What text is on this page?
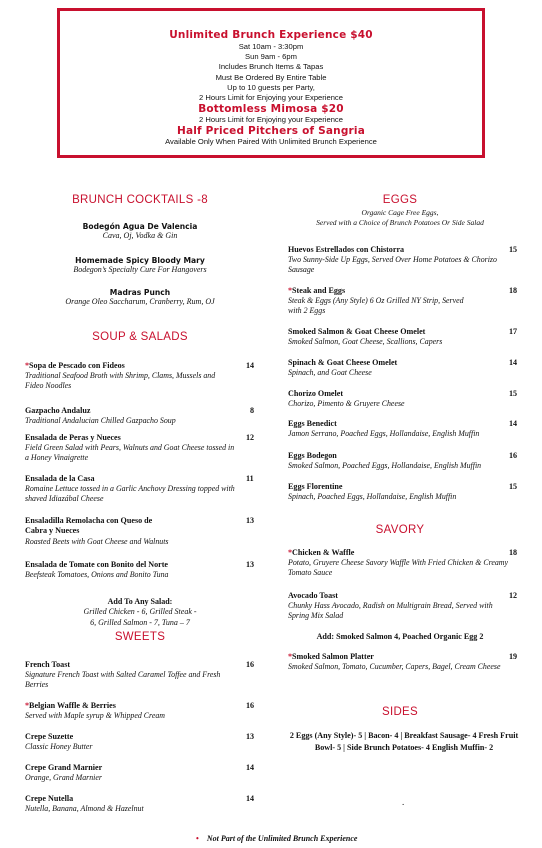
Unlimited Brunch Experience $40
Sat 10am - 3:30pm
Sun 9am - 6pm
Includes Brunch Items & Tapas
Must Be Ordered By Entire Table
Up to 10 guests per Party,
2 Hours Limit for Enjoying your Experience
Bottomless Mimosa $20
2 Hours Limit for Enjoying your Experience
Half Priced Pitchers of Sangria
Available Only When Paired With Unlimited Brunch Experience
BRUNCH COCKTAILS -8
Bodegón Agua De Valencia
Cava, Oj, Vodka & Gin
Homemade Spicy Bloody Mary
Bodegon’s Specialty Cure For Hangovers
Madras Punch
Orange Oleo Saccharum, Cranberry, Rum, OJ
SOUP & SALADS
*Sopa de Pescado con Fideos
Traditional Seafood Broth with Shrimp, Clams, Mussels and Fideo Noodles
14
Gazpacho Andaluz
Traditional Andalucian Chilled Gazpacho Soup
8
Ensalada de Peras y Nueces
Field Green Salad with Pears, Walnuts and Goat Cheese tossed in a Honey Vinaigrette
12
Ensalada de la Casa
Romaine Lettuce tossed in a Garlic Anchovy Dressing topped with shaved Idiazábal Cheese
11
Ensaladilla Remolacha con Queso de Cabra y Nueces
Roasted Beets with Goat Cheese and Walnuts
13
Ensalada de Tomate con Bonito del Norte
Beefsteak Tomatoes, Onions and Bonito Tuna
13
Add To Any Salad:
Grilled Chicken - 6, Grilled Steak - 6, Grilled Salmon - 7, Tuna – 7
SWEETS
French Toast
Signature French Toast with Salted Caramel Toffee and Fresh Berries
16
*Belgian Waffle & Berries
Served with Maple syrup & Whipped Cream
16
Crepe Suzette
Classic Honey Butter
13
Crepe Grand Marnier
Orange, Grand Marnier
14
Crepe Nutella
Nutella, Banana, Almond & Hazelnut
14
EGGS
Organic Cage Free Eggs,
Served with a Choice of Brunch Potatoes Or Side Salad
Huevos Estrellados con Chistorra
Two Sunny-Side Up Eggs, Served Over Home Potatoes & Chorizo Sausage
15
*Steak and Eggs
Steak & Eggs (Any Style) 6 Oz Grilled NY Strip, Served with 2 Eggs
18
Smoked Salmon & Goat Cheese Omelet
Smoked Salmon, Goat Cheese, Scallions, Capers
17
Spinach & Goat Cheese Omelet
Spinach, and Goat Cheese
14
Chorizo Omelet
Chorizo, Pimento & Gruyere Cheese
15
Eggs Benedict
Jamon Serrano, Poached Eggs, Hollandaise, English Muffin
14
Eggs Bodegon
Smoked Salmon, Poached Eggs, Hollandaise, English Muffin
16
Eggs Florentine
Spinach, Poached Eggs, Hollandaise, English Muffin
15
SAVORY
*Chicken & Waffle
Potato, Gruyere Cheese Savory Waffle With Fried Chicken & Creamy Tomato Sauce
18
Avocado Toast
Chunky Hass Avocado, Radish on Multigrain Bread, Served with Spring Mix Salad
12
Add: Smoked Salmon 4, Poached Organic Egg 2
*Smoked Salmon Platter
Smoked Salmon, Tomato, Cucumber, Capers, Bagel, Cream Cheese
19
SIDES
2 Eggs (Any Style)- 5 | Bacon- 4 | Breakfast Sausage- 4 Fresh Fruit Bowl- 5 | Side Brunch Potatoes- 4 English Muffin- 2
.
• Not Part of the Unlimited Brunch Experience
